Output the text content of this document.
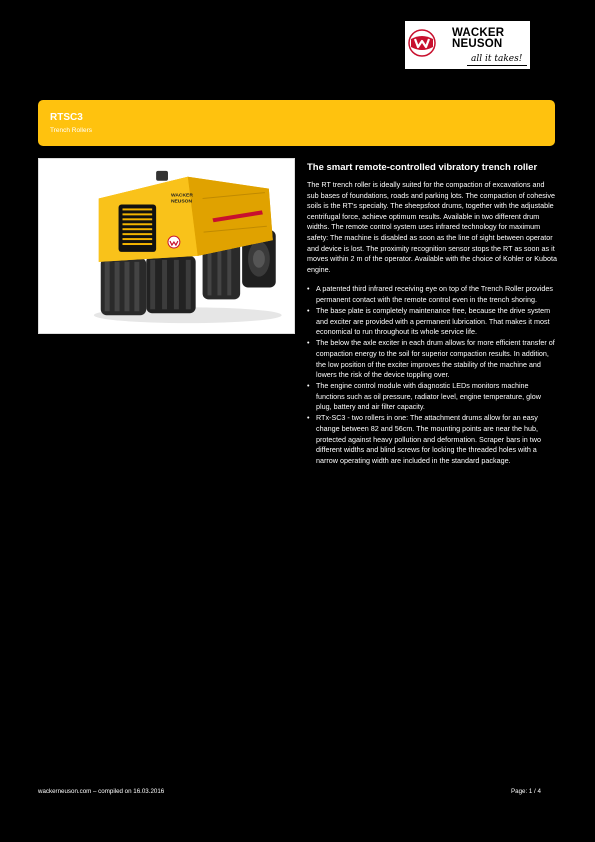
WACKER
NEUSON
all it takes!
RTSC3
Trench Rollers
WACKER
NEUSON
The smart remote-controlled vibratory trench roller

The RT trench roller is ideally suited for the compaction of excavations and sub bases of foundations, roads and parking lots. The compaction of cohesive soils is the RT's specialty. The sheepsfoot drums, together with the adjustable centrifugal force, achieve optimum results. Available in two different drum widths. The remote control system uses infrared technology for maximum safety: The machine is disabled as soon as the line of sight between operator and device is lost. The proximity recognition sensor stops the RT as soon as it moves within 2 m of the operator. Available with the choice of Kohler or Kubota engine.

• A patented third infrared receiving eye on top of the Trench Roller provides permanent contact with the remote control even in the trench shoring.
• The base plate is completely maintenance free, because the drive system and exciter are provided with a permanent lubrication. That makes it most economical to run throughout its whole service life.
• The below the axle exciter in each drum allows for more efficient transfer of compaction energy to the soil for superior compaction results. In addition, the low position of the exciter improves the stability of the machine and lowers the risk of the device toppling over.
• The engine control module with diagnostic LEDs monitors machine functions such as oil pressure, radiator level, engine temperature, glow plug, battery and air filter capacity.
• RTx-SC3 - two rollers in one: The attachment drums allow for an easy change between 82 and 56cm. The mounting points are near the hub, protected against heavy pollution and deformation. Scraper bars in two different widths and blind screws for locking the threaded holes with a narrow operating width are included in the standard package.
wackerneuson.com – compiled on 16.03.2016	Page: 1 / 4
